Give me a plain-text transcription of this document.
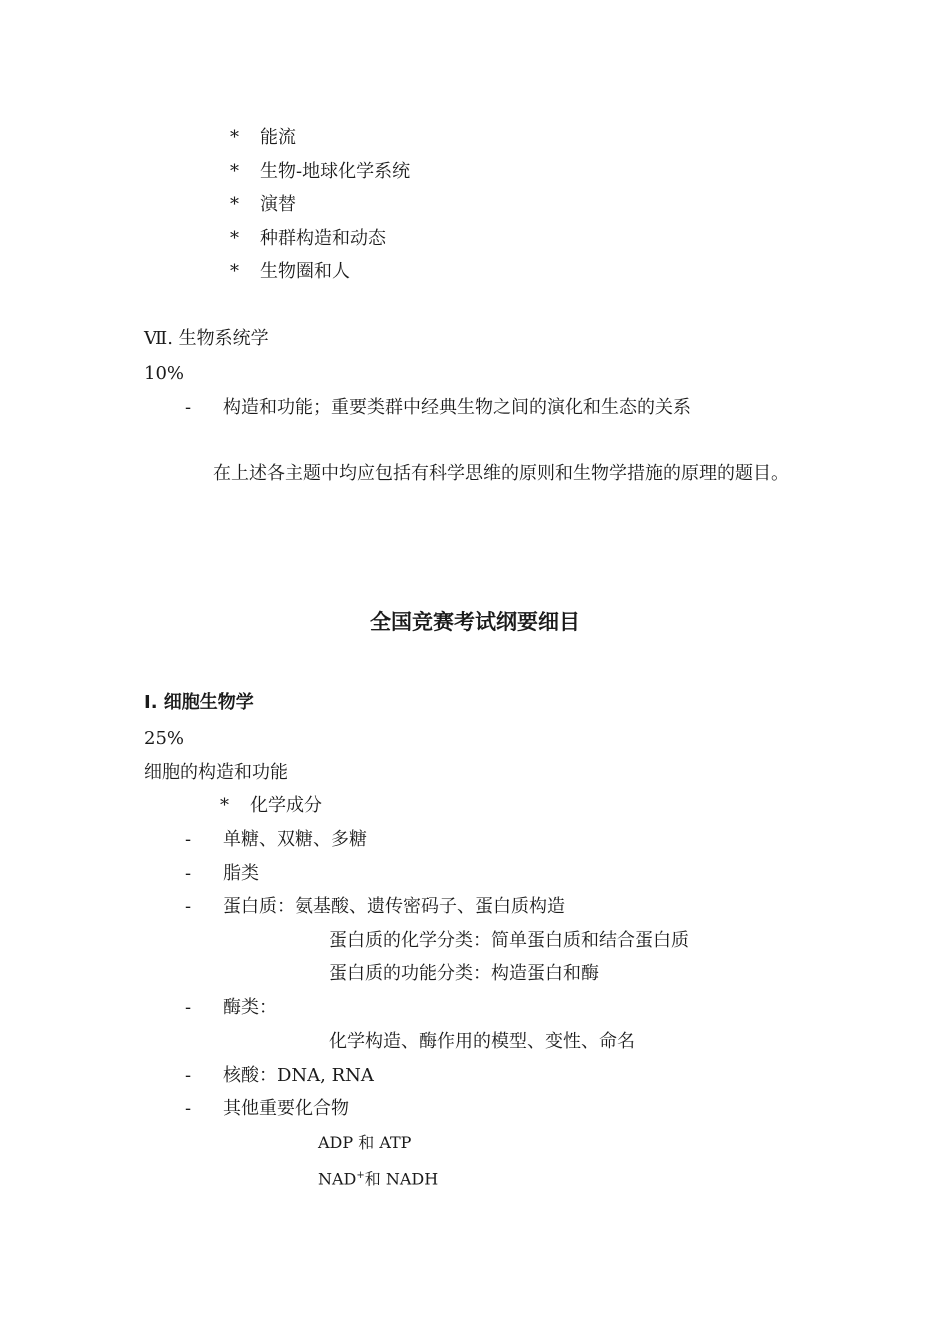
* 能流
* 生物-地球化学系统
* 演替
* 种群构造和动态
* 生物圈和人
Ⅶ. 生物系统学
10%
- 构造和功能；重要类群中经典生物之间的演化和生态的关系
在上述各主题中均应包括有科学思维的原则和生物学措施的原理的题目。
全国竞赛考试纲要细目
I. 细胞生物学
25%
细胞的构造和功能
* 化学成分
- 单糖、双糖、多糖
- 脂类
- 蛋白质：氨基酸、遗传密码子、蛋白质构造
蛋白质的化学分类：简单蛋白质和结合蛋白质
蛋白质的功能分类：构造蛋白和酶
- 酶类：
化学构造、酶作用的模型、变性、命名
- 核酸：DNA, RNA
- 其他重要化合物
ADP 和 ATP
NAD+和 NADH
